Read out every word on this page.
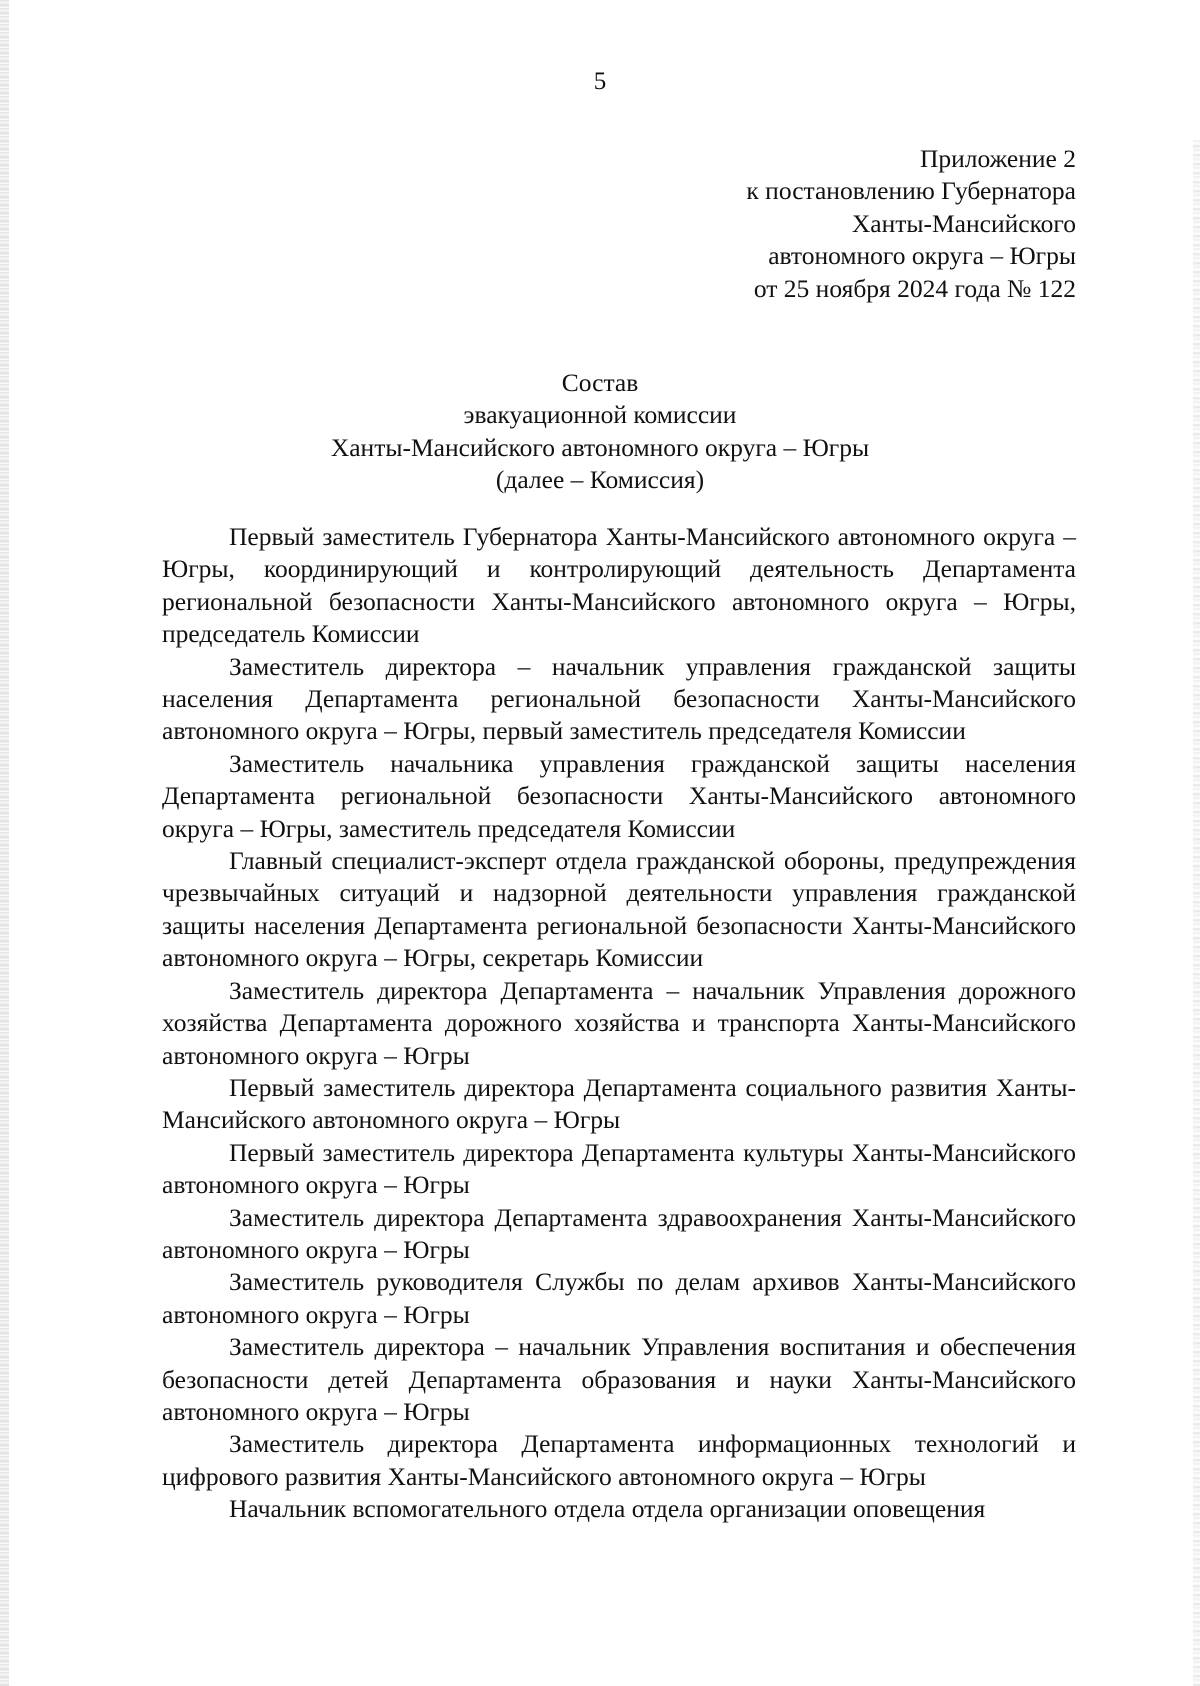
5
Приложение 2
к постановлению Губернатора
Ханты-Мансийского
автономного округа – Югры
от 25 ноября 2024 года № 122
Состав
эвакуационной комиссии
Ханты-Мансийского автономного округа – Югры
(далее – Комиссия)

Первый заместитель Губернатора Ханты-Мансийского автономного округа – Югры, координирующий и контролирующий деятельность Департамента региональной безопасности Ханты-Мансийского автономного округа – Югры, председатель Комиссии

Заместитель директора – начальник управления гражданской защиты населения Департамента региональной безопасности Ханты-Мансийского автономного округа – Югры, первый заместитель председателя Комиссии

Заместитель начальника управления гражданской защиты населения Департамента региональной безопасности Ханты-Мансийского автономного округа – Югры, заместитель председателя Комиссии

Главный специалист-эксперт отдела гражданской обороны, предупреждения чрезвычайных ситуаций и надзорной деятельности управления гражданской защиты населения Департамента региональной безопасности Ханты-Мансийского автономного округа – Югры, секретарь Комиссии

Заместитель директора Департамента – начальник Управления дорожного хозяйства Департамента дорожного хозяйства и транспорта Ханты-Мансийского автономного округа – Югры

Первый заместитель директора Департамента социального развития Ханты-Мансийского автономного округа – Югры

Первый заместитель директора Департамента культуры Ханты-Мансийского автономного округа – Югры

Заместитель директора Департамента здравоохранения Ханты-Мансийского автономного округа – Югры

Заместитель руководителя Службы по делам архивов Ханты-Мансийского автономного округа – Югры

Заместитель директора – начальник Управления воспитания и обеспечения безопасности детей Департамента образования и науки Ханты-Мансийского автономного округа – Югры

Заместитель директора Департамента информационных технологий и цифрового развития Ханты-Мансийского автономного округа – Югры

Начальник вспомогательного отдела отдела организации оповещения
